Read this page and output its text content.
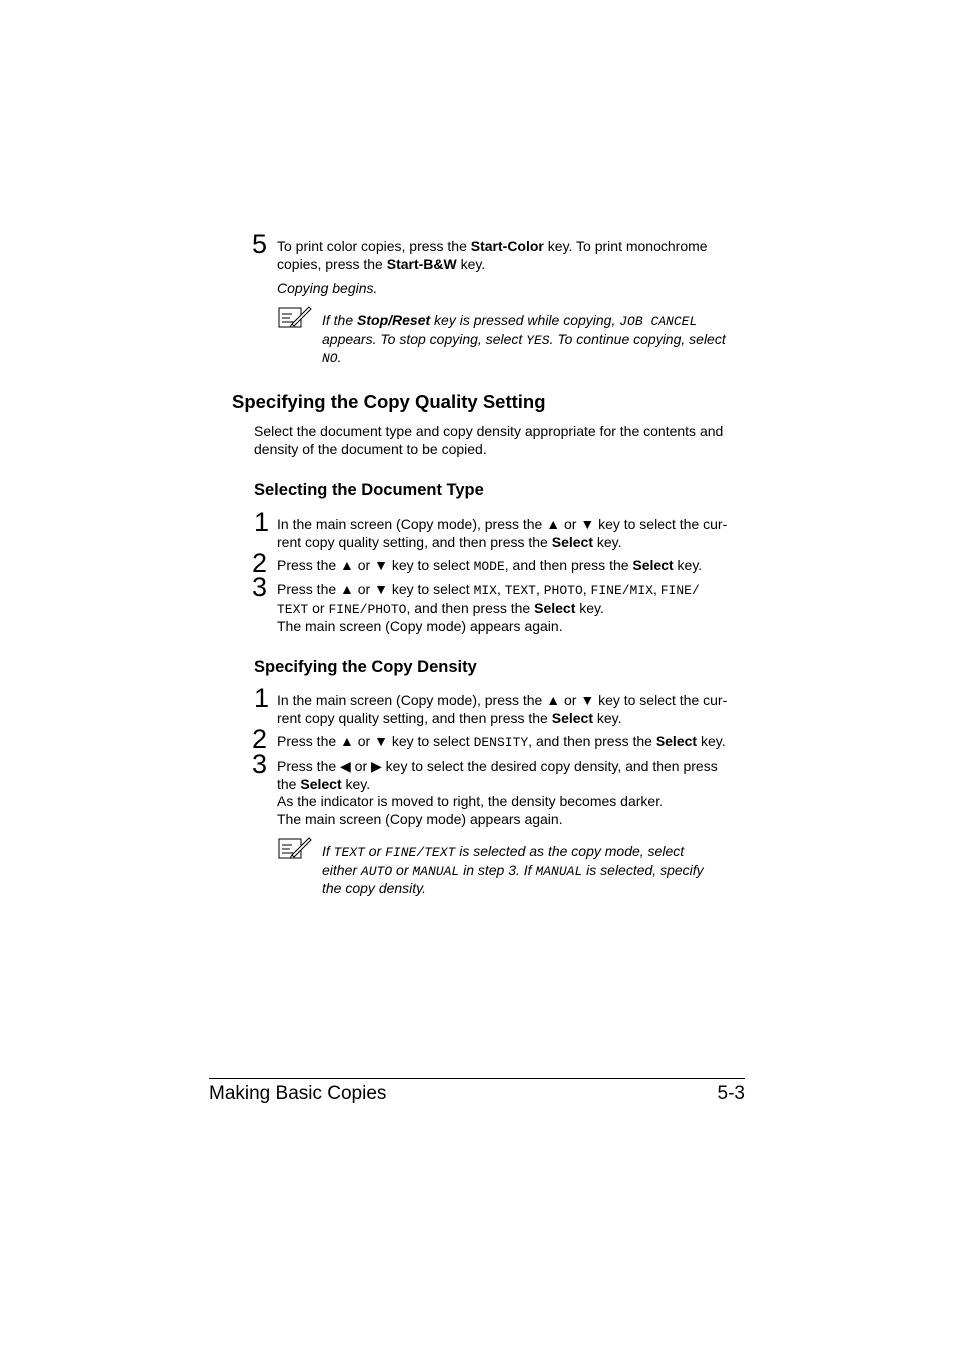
5 To print color copies, press the Start-Color key. To print monochrome
copies, press the Start-B&W key.
Copying begins.
If the Stop/Reset key is pressed while copying, JOB CANCEL
appears. To stop copying, select YES. To continue copying, select
NO.
Specifying the Copy Quality Setting
Select the document type and copy density appropriate for the contents and
density of the document to be copied.
Selecting the Document Type
1 In the main screen (Copy mode), press the ▲ or ▼ key to select the cur-
rent copy quality setting, and then press the Select key.
2 Press the ▲ or ▼ key to select MODE, and then press the Select key.
3 Press the ▲ or ▼ key to select MIX, TEXT, PHOTO, FINE/MIX, FINE/
TEXT or FINE/PHOTO, and then press the Select key.
The main screen (Copy mode) appears again.
Specifying the Copy Density
1 In the main screen (Copy mode), press the ▲ or ▼ key to select the cur-
rent copy quality setting, and then press the Select key.
2 Press the ▲ or ▼ key to select DENSITY, and then press the Select key.
3 Press the ◀ or ▶ key to select the desired copy density, and then press
the Select key.
As the indicator is moved to right, the density becomes darker.
The main screen (Copy mode) appears again.
If TEXT or FINE/TEXT is selected as the copy mode, select
either AUTO or MANUAL in step 3. If MANUAL is selected, specify
the copy density.
Making Basic Copies	5-3
